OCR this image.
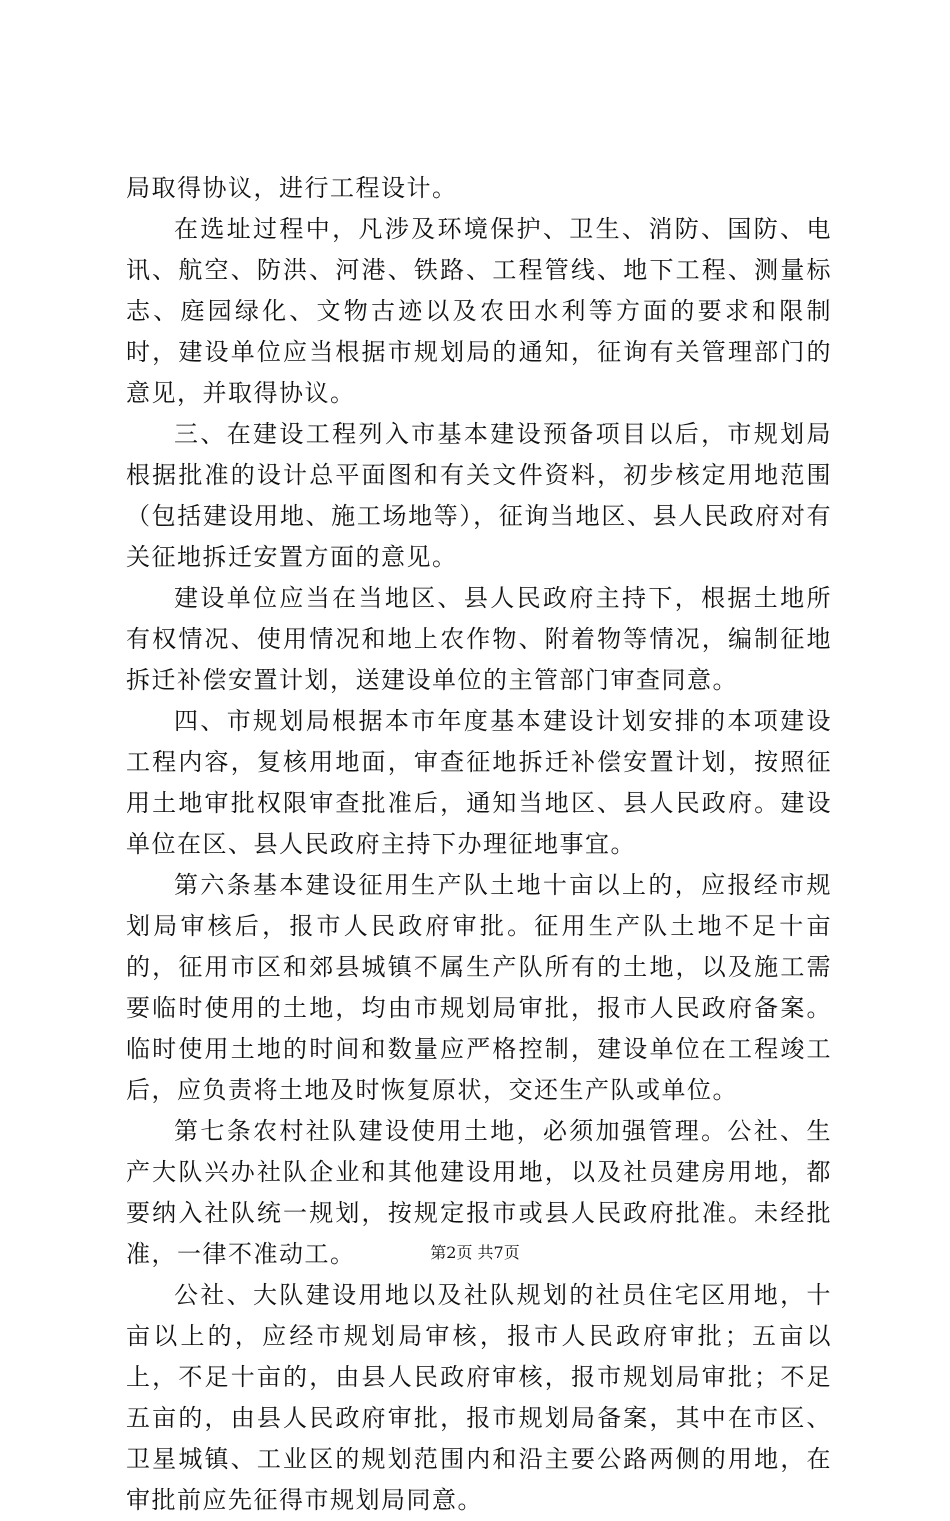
局取得协议，进行工程设计。

在选址过程中，凡涉及环境保护、卫生、消防、国防、电讯、航空、防洪、河港、铁路、工程管线、地下工程、测量标志、庭园绿化、文物古迹以及农田水利等方面的要求和限制时，建设单位应当根据市规划局的通知，征询有关管理部门的意见，并取得协议。

三、在建设工程列入市基本建设预备项目以后，市规划局根据批准的设计总平面图和有关文件资料，初步核定用地范围（包括建设用地、施工场地等），征询当地区、县人民政府对有关征地拆迁安置方面的意见。

建设单位应当在当地区、县人民政府主持下，根据土地所有权情况、使用情况和地上农作物、附着物等情况，编制征地拆迁补偿安置计划，送建设单位的主管部门审查同意。

四、市规划局根据本市年度基本建设计划安排的本项建设工程内容，复核用地面，审查征地拆迁补偿安置计划，按照征用土地审批权限审查批准后，通知当地区、县人民政府。建设单位在区、县人民政府主持下办理征地事宜。

第六条基本建设征用生产队土地十亩以上的，应报经市规划局审核后，报市人民政府审批。征用生产队土地不足十亩的，征用市区和郊县城镇不属生产队所有的土地，以及施工需要临时使用的土地，均由市规划局审批，报市人民政府备案。临时使用土地的时间和数量应严格控制，建设单位在工程竣工后，应负责将土地及时恢复原状，交还生产队或单位。

第七条农村社队建设使用土地，必须加强管理。公社、生产大队兴办社队企业和其他建设用地，以及社员建房用地，都要纳入社队统一规划，按规定报市或县人民政府批准。未经批准，一律不准动工。

公社、大队建设用地以及社队规划的社员住宅区用地，十亩以上的，应经市规划局审核，报市人民政府审批；五亩以上，不足十亩的，由县人民政府审核，报市规划局审批；不足五亩的，由县人民政府审批，报市规划局备案，其中在市区、卫星城镇、工业区的规划范围内和沿主要公路两侧的用地，在审批前应先征得市规划局同意。

第2页 共7页
